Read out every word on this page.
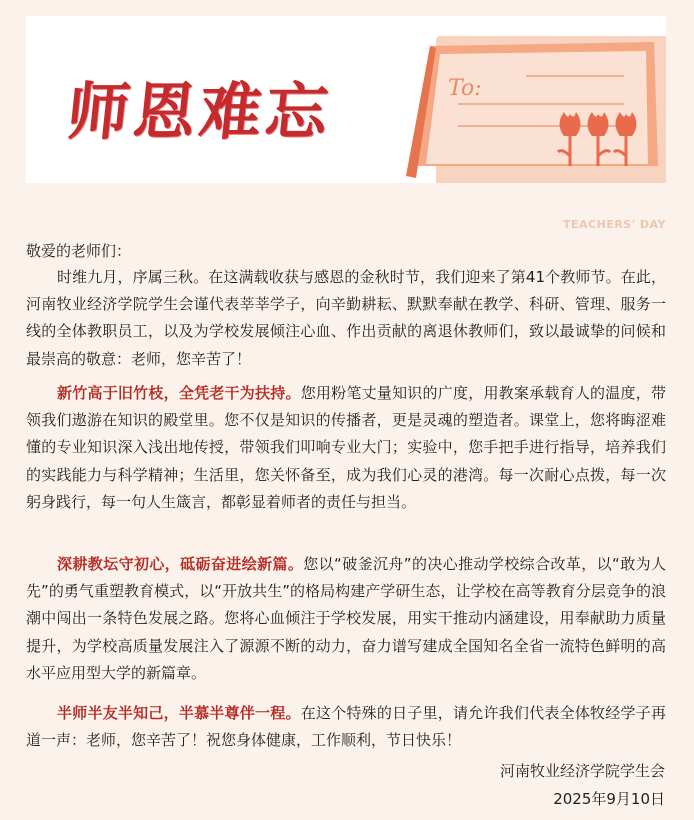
师恩难忘	To:
TEACHERS' DAY

敬爱的老师们：

时维九月，序属三秋。在这满载收获与感恩的金秋时节，我们迎来了第41个教师节。在此，河南牧业经济学院学生会谨代表莘莘学子，向辛勤耕耘、默默奉献在教学、科研、管理、服务一线的全体教职员工，以及为学校发展倾注心血、作出贡献的离退休教师们，致以最诚挚的问候和最崇高的敬意：老师，您辛苦了！

新竹高于旧竹枝，全凭老干为扶持。您用粉笔丈量知识的广度，用教案承载育人的温度，带领我们遨游在知识的殿堂里。您不仅是知识的传播者，更是灵魂的塑造者。课堂上，您将晦涩难懂的专业知识深入浅出地传授，带领我们叩响专业大门；实验中，您手把手进行指导，培养我们的实践能力与科学精神；生活里，您关怀备至，成为我们心灵的港湾。每一次耐心点拨，每一次躬身践行，每一句人生箴言，都彰显着师者的责任与担当。

深耕教坛守初心，砥砺奋进绘新篇。您以“破釜沉舟”的决心推动学校综合改革，以“敢为人先”的勇气重塑教育模式，以“开放共生”的格局构建产学研生态，让学校在高等教育分层竞争的浪潮中闯出一条特色发展之路。您将心血倾注于学校发展，用实干推动内涵建设，用奉献助力质量提升，为学校高质量发展注入了源源不断的动力，奋力谱写建成全国知名全省一流特色鲜明的高水平应用型大学的新篇章。

半师半友半知己，半慕半尊伴一程。在这个特殊的日子里，请允许我们代表全体牧经学子再道一声：老师，您辛苦了！祝您身体健康，工作顺利，节日快乐！

河南牧业经济学院学生会
2025年9月10日
